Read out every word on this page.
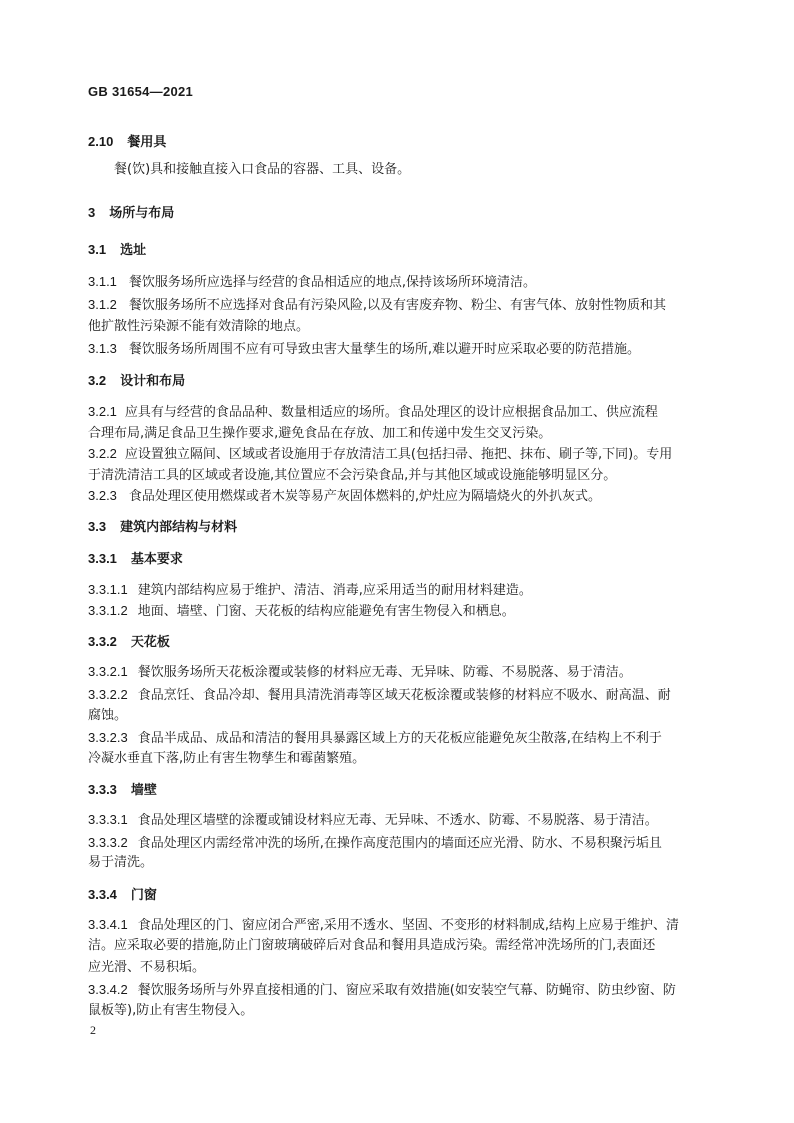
GB 31654—2021
2.10 餐用具
餐(饮)具和接触直接入口食品的容器、工具、设备。
3 场所与布局
3.1 选址
3.1.1 餐饮服务场所应选择与经营的食品相适应的地点,保持该场所环境清洁。
3.1.2 餐饮服务场所不应选择对食品有污染风险,以及有害废弃物、粉尘、有害气体、放射性物质和其
他扩散性污染源不能有效清除的地点。
3.1.3 餐饮服务场所周围不应有可导致虫害大量孳生的场所,难以避开时应采取必要的防范措施。
3.2 设计和布局
3.2.1 应具有与经营的食品品种、数量相适应的场所。食品处理区的设计应根据食品加工、供应流程
合理布局,满足食品卫生操作要求,避免食品在存放、加工和传递中发生交叉污染。
3.2.2 应设置独立隔间、区域或者设施用于存放清洁工具(包括扫帚、拖把、抹布、刷子等,下同)。专用
于清洗清洁工具的区域或者设施,其位置应不会污染食品,并与其他区域或设施能够明显区分。
3.2.3 食品处理区使用燃煤或者木炭等易产灰固体燃料的,炉灶应为隔墙烧火的外扒灰式。
3.3 建筑内部结构与材料
3.3.1 基本要求
3.3.1.1 建筑内部结构应易于维护、清洁、消毒,应采用适当的耐用材料建造。
3.3.1.2 地面、墙壁、门窗、天花板的结构应能避免有害生物侵入和栖息。
3.3.2 天花板
3.3.2.1 餐饮服务场所天花板涂覆或装修的材料应无毒、无异味、防霉、不易脱落、易于清洁。
3.3.2.2 食品烹饪、食品冷却、餐用具清洗消毒等区域天花板涂覆或装修的材料应不吸水、耐高温、耐
腐蚀。
3.3.2.3 食品半成品、成品和清洁的餐用具暴露区域上方的天花板应能避免灰尘散落,在结构上不利于
冷凝水垂直下落,防止有害生物孳生和霉菌繁殖。
3.3.3 墙壁
3.3.3.1 食品处理区墙壁的涂覆或铺设材料应无毒、无异味、不透水、防霉、不易脱落、易于清洁。
3.3.3.2 食品处理区内需经常冲洗的场所,在操作高度范围内的墙面还应光滑、防水、不易积聚污垢且
易于清洗。
3.3.4 门窗
3.3.4.1 食品处理区的门、窗应闭合严密,采用不透水、坚固、不变形的材料制成,结构上应易于维护、清
洁。应采取必要的措施,防止门窗玻璃破碎后对食品和餐用具造成污染。需经常冲洗场所的门,表面还
应光滑、不易积垢。
3.3.4.2 餐饮服务场所与外界直接相通的门、窗应采取有效措施(如安装空气幕、防蝇帘、防虫纱窗、防
鼠板等),防止有害生物侵入。
2
